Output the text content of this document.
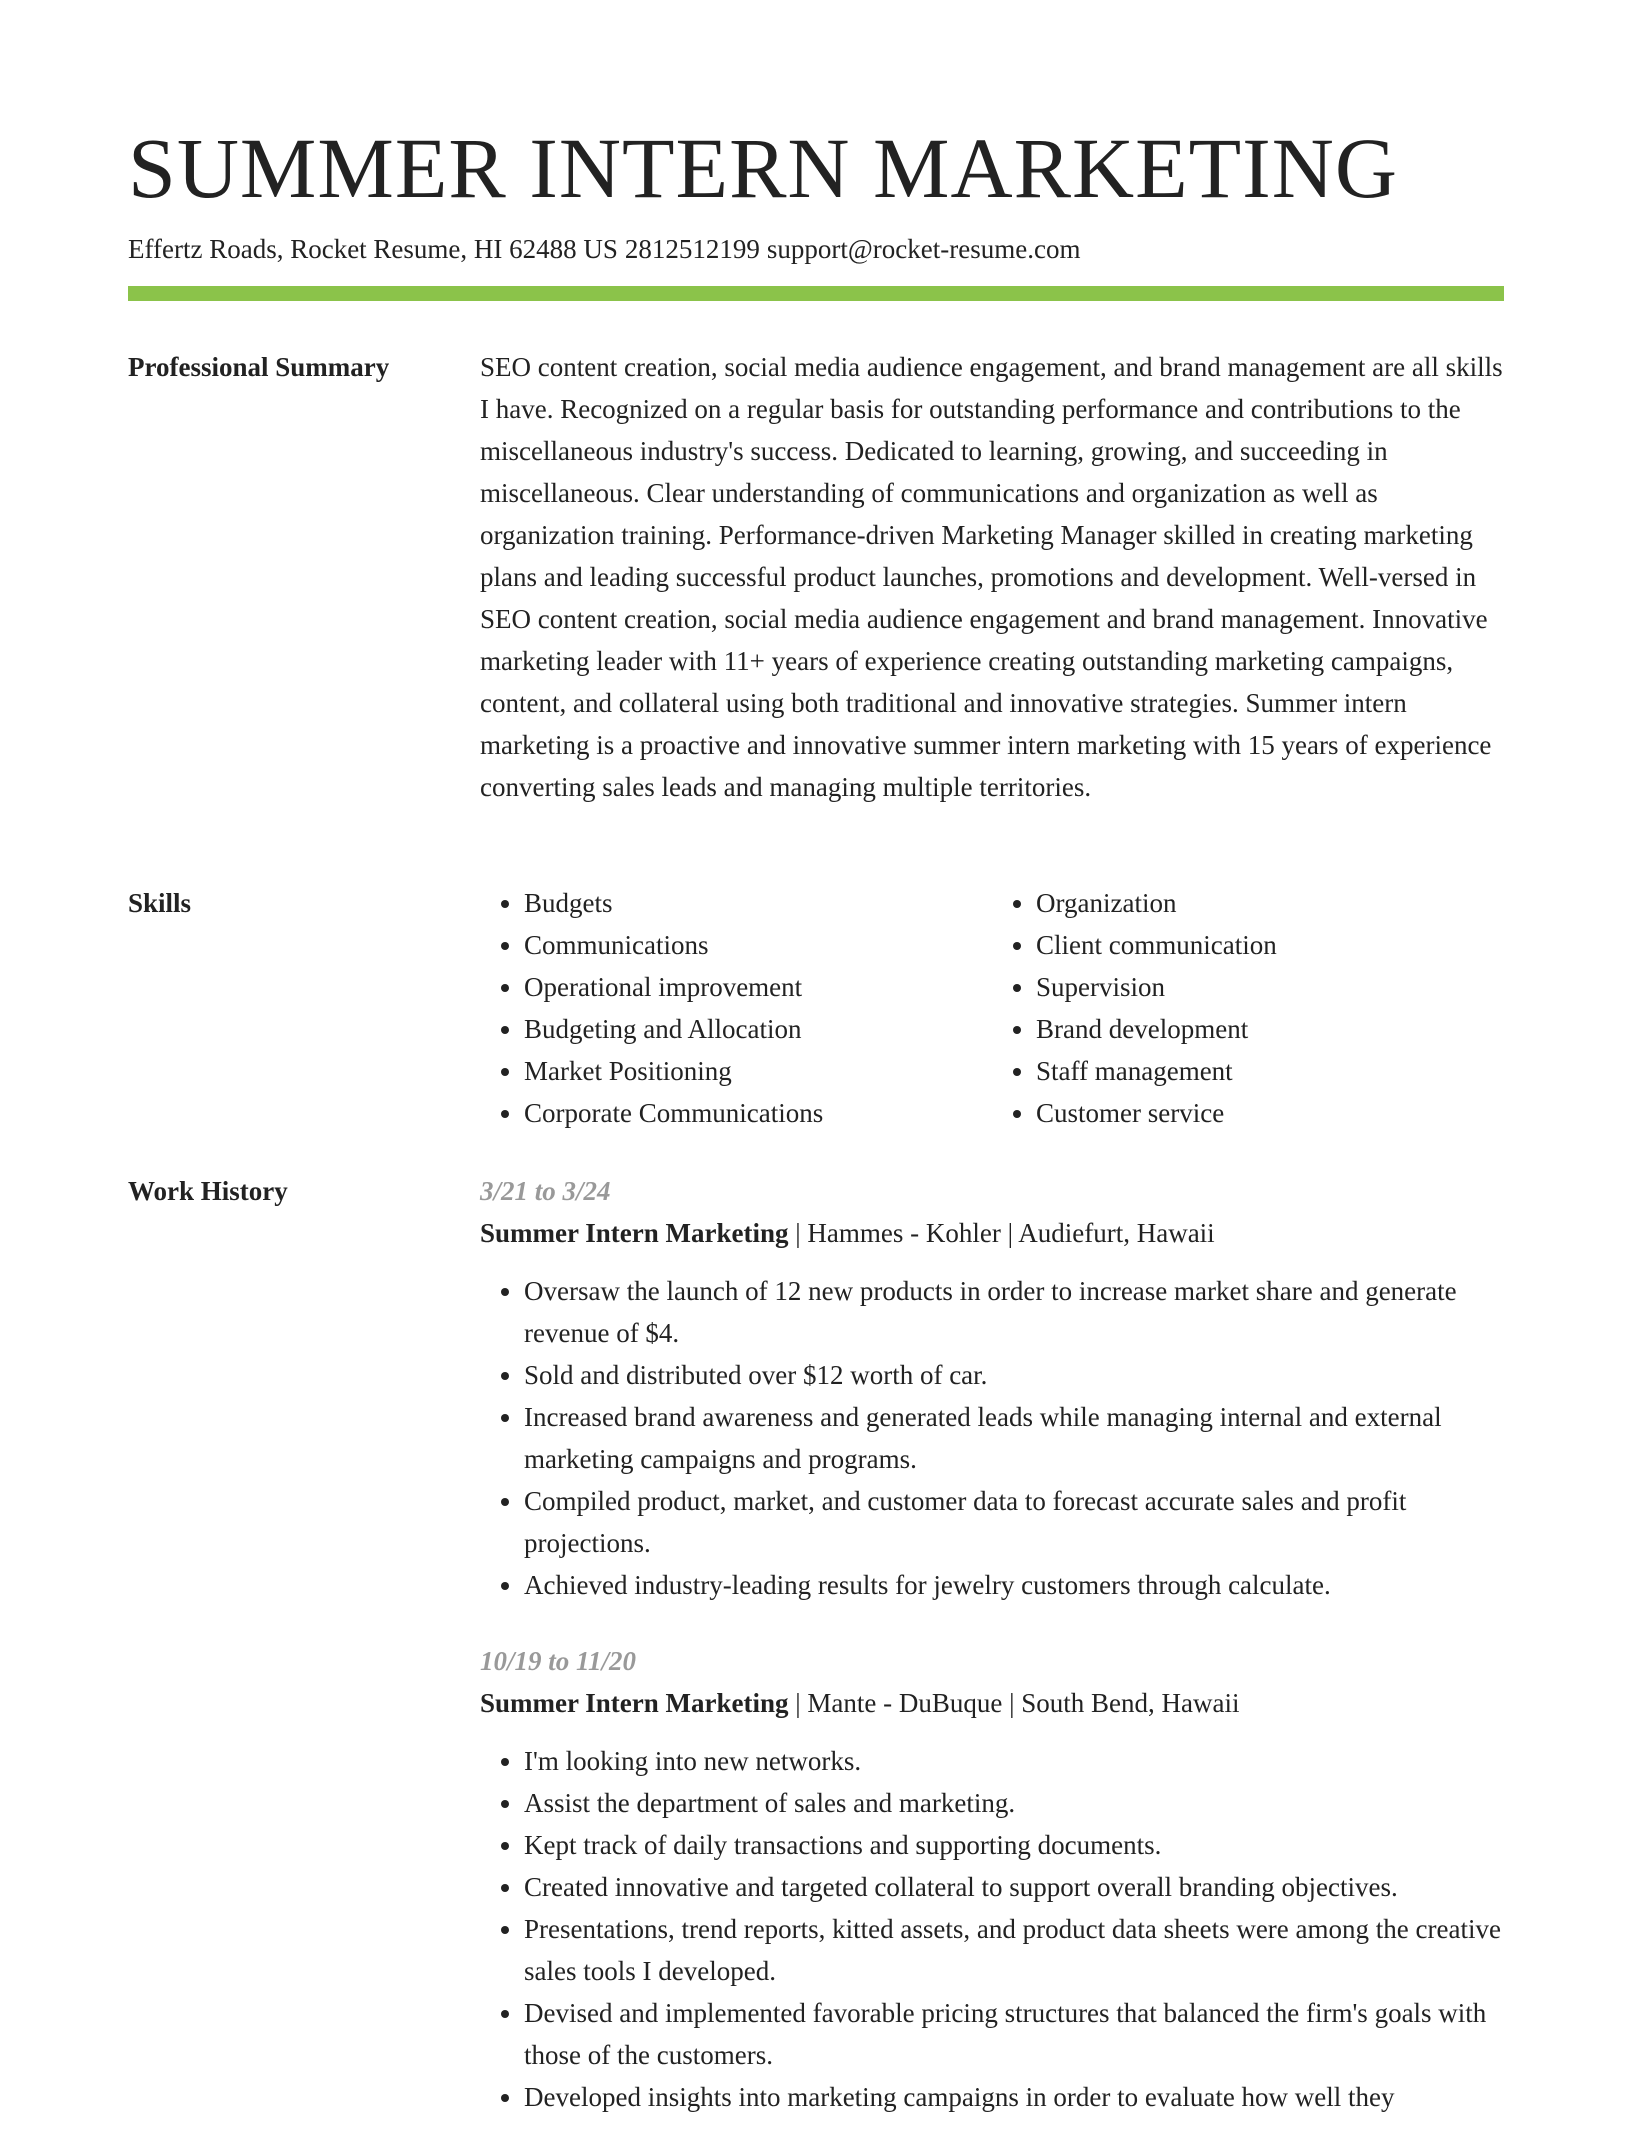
SUMMER INTERN MARKETING
Effertz Roads, Rocket Resume, HI 62488 US 2812512199 support@rocket-resume.com
Professional Summary	SEO content creation, social media audience engagement, and brand management are all skills I have. Recognized on a regular basis for outstanding performance and contributions to the miscellaneous industry's success. Dedicated to learning, growing, and succeeding in miscellaneous. Clear understanding of communications and organization as well as organization training. Performance-driven Marketing Manager skilled in creating marketing plans and leading successful product launches, promotions and development. Well-versed in SEO content creation, social media audience engagement and brand management. Innovative marketing leader with 11+ years of experience creating outstanding marketing campaigns, content, and collateral using both traditional and innovative strategies. Summer intern marketing is a proactive and innovative summer intern marketing with 15 years of experience converting sales leads and managing multiple territories.

Skills
•	Budgets
• Communications
• Operational improvement
• Budgeting and Allocation
• Market Positioning
• Corporate Communications
• Organization
• Client communication
• Supervision
• Brand development
• Staff management
• Customer service
Work History	3/21 to 3/24
Summer Intern Marketing | Hammes - Kohler | Audiefurt, Hawaii
• Oversaw the launch of 12 new products in order to increase market share and generate revenue of $4.
• Sold and distributed over $12 worth of car.
• Increased brand awareness and generated leads while managing internal and external marketing campaigns and programs.
• Compiled product, market, and customer data to forecast accurate sales and profit projections.
• Achieved industry-leading results for jewelry customers through calculate.
10/19 to 11/20
Summer Intern Marketing | Mante - DuBuque | South Bend, Hawaii
• I'm looking into new networks.
• Assist the department of sales and marketing.
• Kept track of daily transactions and supporting documents.
• Created innovative and targeted collateral to support overall branding objectives.
• Presentations, trend reports, kitted assets, and product data sheets were among the creative sales tools I developed.
• Devised and implemented favorable pricing structures that balanced the firm's goals with those of the customers.
• Developed insights into marketing campaigns in order to evaluate how well they
